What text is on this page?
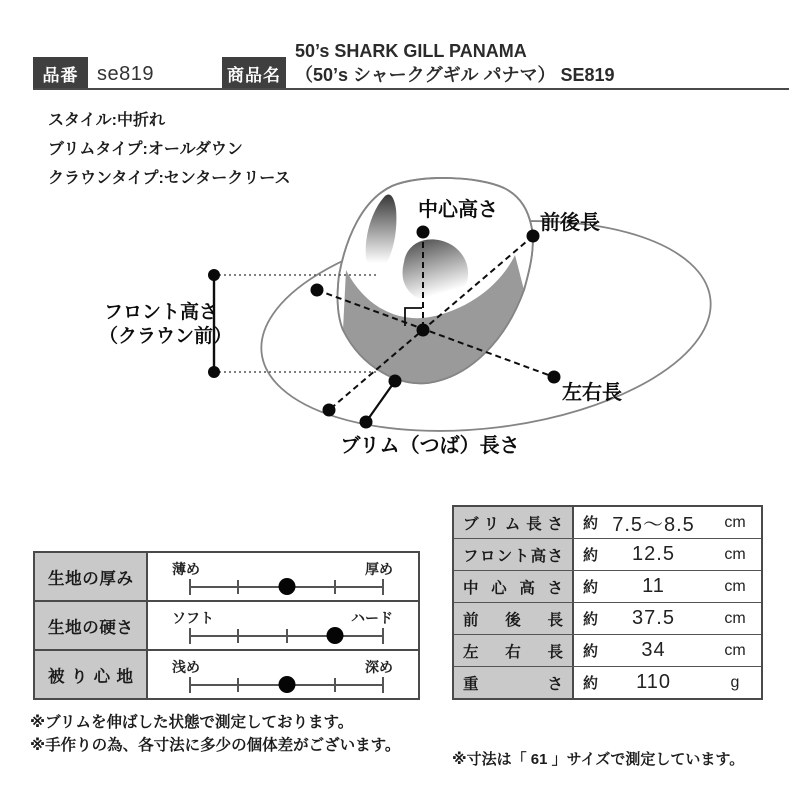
品番 se819	商品名
50’s SHARK GILL PANAMA
（50’s シャークグギル パナマ） SE819
スタイル:中折れ
ブリムタイプ:オールダウン
クラウンタイプ:センタークリース
中心高さ
前後長
フロント高さ
（クラウン前）
左右長
ブリム（つば）長さ
生地の厚み
薄め	厚め
生地の硬さ
ソフト	ハード
被り心地
浅め	深め
ブリム長さ 約 7.5〜8.5	cm
フロント高さ 約	12.5	cm
中心高さ 約	11	cm
前後長 約	37.5	cm
左右長 約	34	cm
重さ 約	110	g
※ブリムを伸ばした状態で測定しております。
※手作りの為、各寸法に多少の個体差がございます。
※寸法は「 61 」サイズで測定しています。
